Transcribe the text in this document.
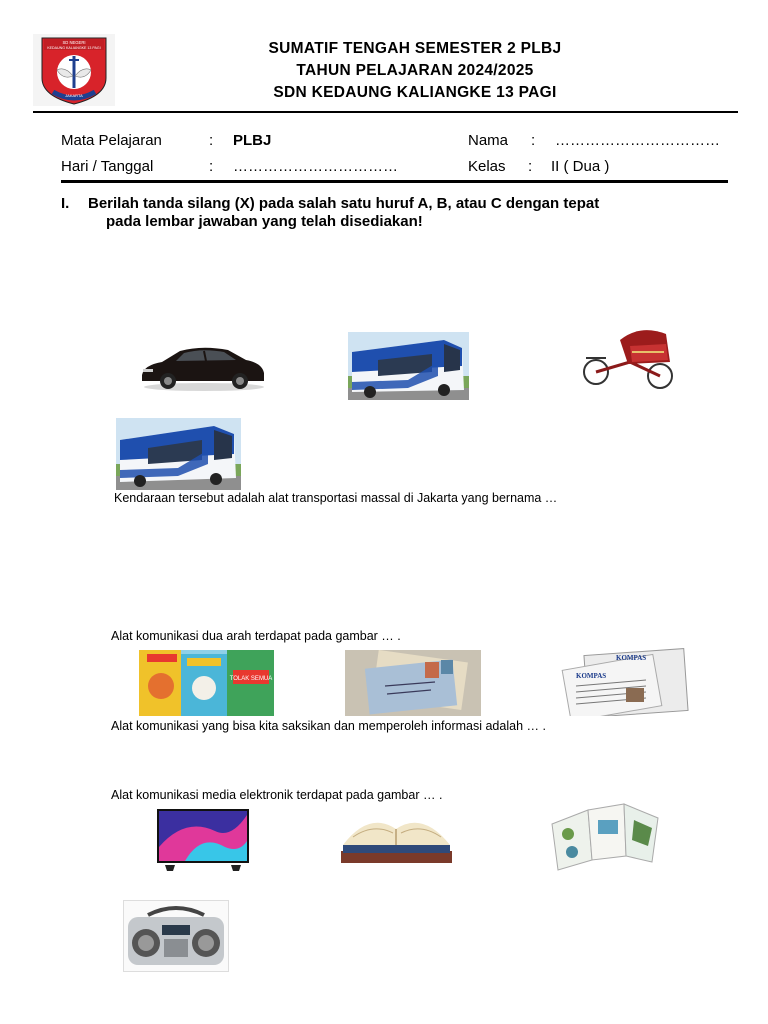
SD NEGERI
KEDAUNG KALIANGKE 13 PAGI
JAKARTA
SUMATIF TENGAH SEMESTER 2 PLBJ
TAHUN PELAJARAN 2024/2025
SDN KEDAUNG KALIANGKE 13 PAGI
Mata Pelajaran	: PLBJ
Hari / Tanggal	: ……………………………
Nama : ……………………………
Kelas : II ( Dua )
I. Berilah tanda silang (X) pada salah satu huruf A, B, atau C dengan tepat
pada lembar jawaban yang telah disediakan!
Kendaraan tersebut adalah alat transportasi massal di Jakarta yang bernama …
Alat komunikasi dua arah terdapat pada gambar … .
TOLAK SEMUA
KOMPAS
KOMPAS
Alat komunikasi yang bisa kita saksikan dan memperoleh informasi adalah … .
Alat komunikasi media elektronik terdapat pada gambar … .
